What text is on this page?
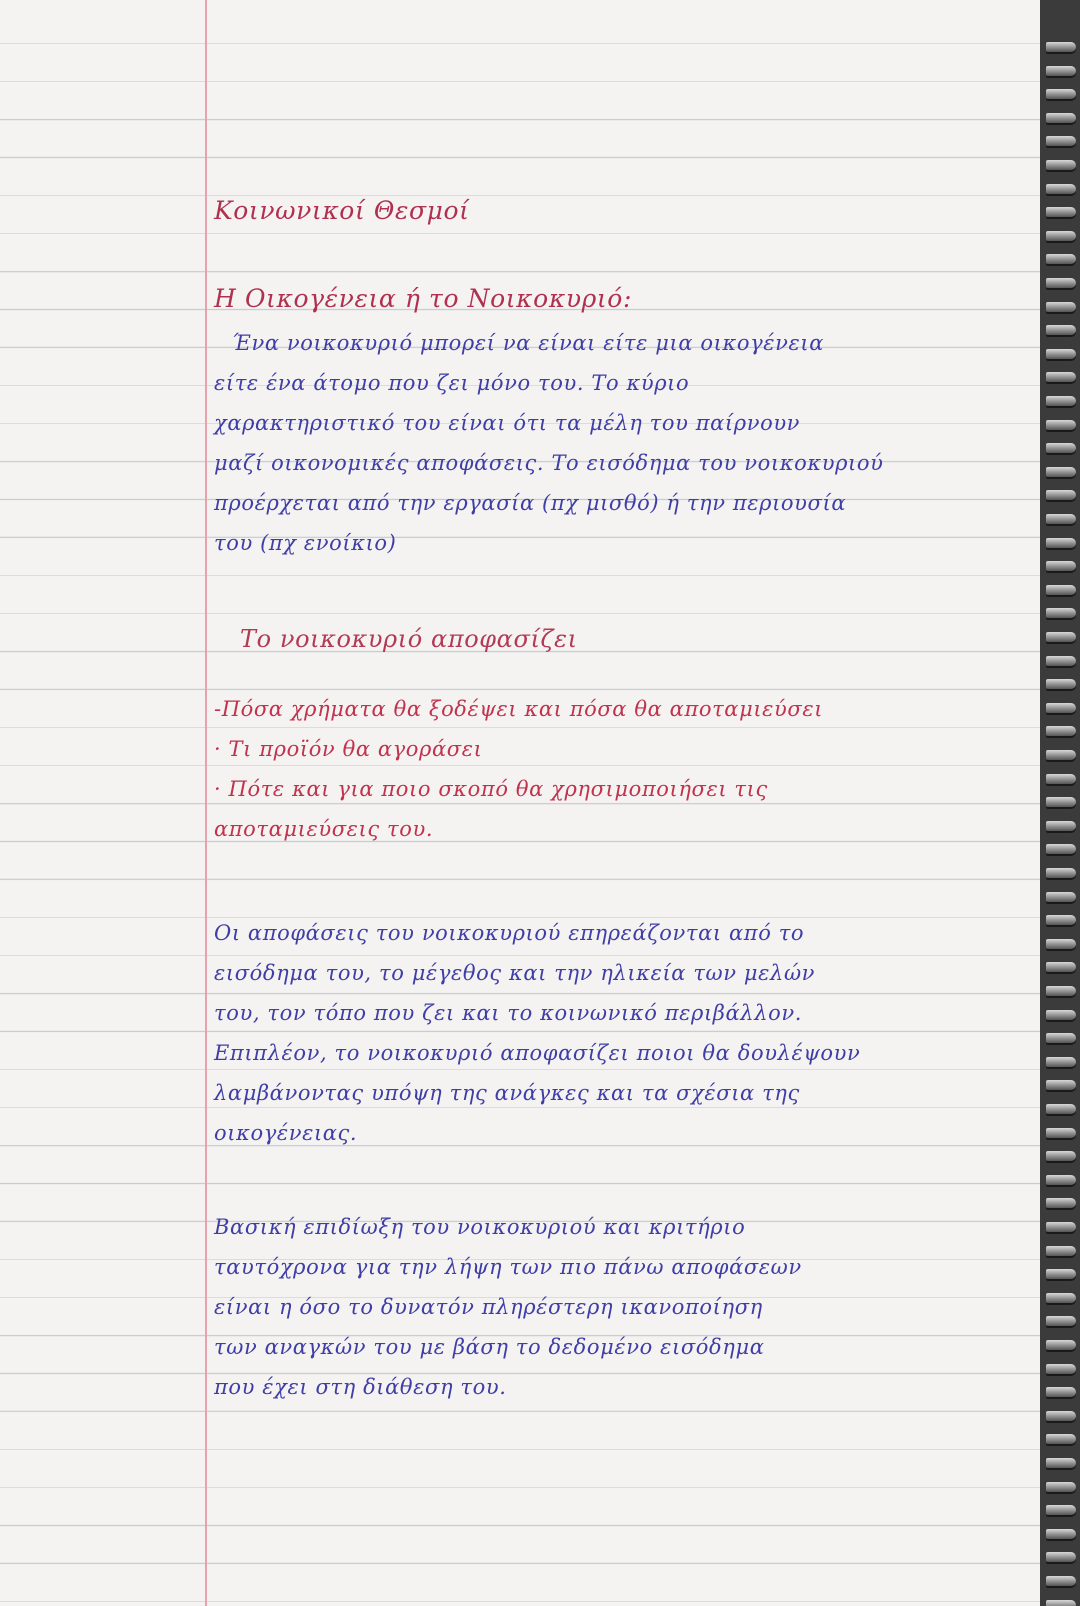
Κοινωνικοί Θεσμοί

Η Οικογένεια ή το Νοικοκυριό:

Ένα νοικοκυριό μπορεί να είναι είτε μια οικογένεια

είτε ένα άτομο που ζει μόνο του. Το κύριο

χαρακτηριστικό του είναι ότι τα μέλη του παίρνουν

μαζί οικονομικές αποφάσεις. Το εισόδημα του νοικοκυριού

προέρχεται από την εργασία (πχ μισθό) ή την περιουσία

του (πχ ενοίκιο)

Το νοικοκυριό αποφασίζει

-Πόσα χρήματα θα ξοδέψει και πόσα θα αποταμιεύσει

· Τι προϊόν θα αγοράσει

· Πότε και για ποιο σκοπό θα χρησιμοποιήσει τις

αποταμιεύσεις του.

Οι αποφάσεις του νοικοκυριού επηρεάζονται από το

εισόδημα του, το μέγεθος και την ηλικεία των μελών

του, τον τόπο που ζει και το κοινωνικό περιβάλλον.

Επιπλέον, το νοικοκυριό αποφασίζει ποιοι θα δουλέψουν

λαμβάνοντας υπόψη της ανάγκες και τα σχέσια της

οικογένειας.

Βασική επιδίωξη του νοικοκυριού και κριτήριο

ταυτόχρονα για την λήψη των πιο πάνω αποφάσεων

είναι η όσο το δυνατόν πληρέστερη ικανοποίηση

των αναγκών του με βάση το δεδομένο εισόδημα

που έχει στη διάθεση του.
